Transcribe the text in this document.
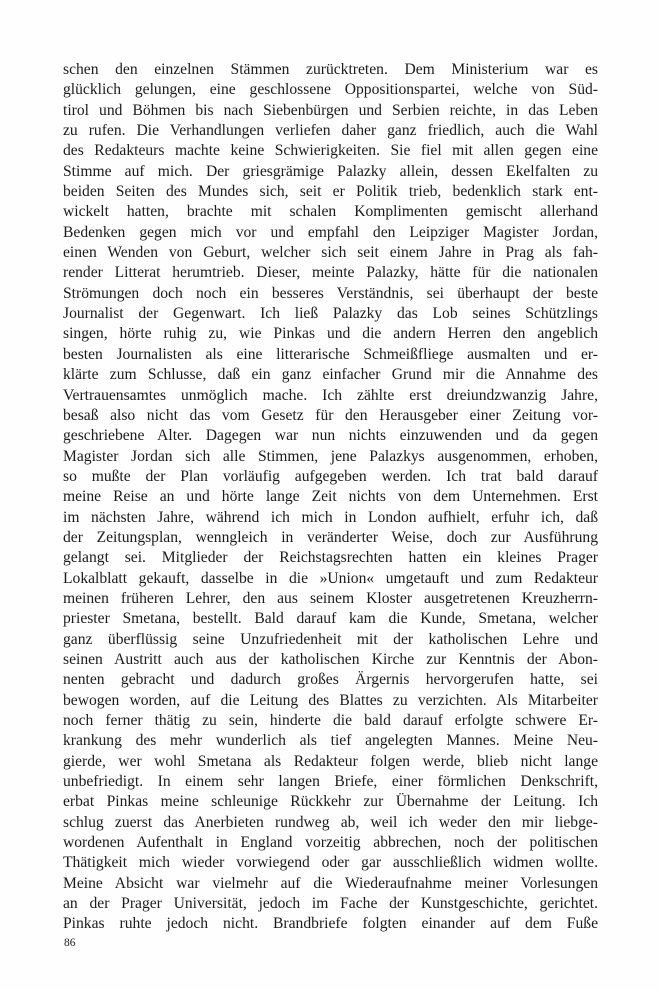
schen den einzelnen Stämmen zurücktreten. Dem Ministerium war es
glücklich gelungen, eine geschlossene Oppositionspartei, welche von Süd-
tirol und Böhmen bis nach Siebenbürgen und Serbien reichte, in das Leben
zu rufen. Die Verhandlungen verliefen daher ganz friedlich, auch die Wahl
des Redakteurs machte keine Schwierigkeiten. Sie fiel mit allen gegen eine
Stimme auf mich. Der griesgrämige Palazky allein, dessen Ekelfalten zu
beiden Seiten des Mundes sich, seit er Politik trieb, bedenklich stark ent-
wickelt hatten, brachte mit schalen Komplimenten gemischt allerhand
Bedenken gegen mich vor und empfahl den Leipziger Magister Jordan,
einen Wenden von Geburt, welcher sich seit einem Jahre in Prag als fah-
render Litterat herumtrieb. Dieser, meinte Palazky, hätte für die nationalen
Strömungen doch noch ein besseres Verständnis, sei überhaupt der beste
Journalist der Gegenwart. Ich ließ Palazky das Lob seines Schützlings
singen, hörte ruhig zu, wie Pinkas und die andern Herren den angeblich
besten Journalisten als eine litterarische Schmeißfliege ausmalten und er-
klärte zum Schlusse, daß ein ganz einfacher Grund mir die Annahme des
Vertrauensamtes unmöglich mache. Ich zählte erst dreiundzwanzig Jahre,
besaß also nicht das vom Gesetz für den Herausgeber einer Zeitung vor-
geschriebene Alter. Dagegen war nun nichts einzuwenden und da gegen
Magister Jordan sich alle Stimmen, jene Palazkys ausgenommen, erhoben,
so mußte der Plan vorläufig aufgegeben werden. Ich trat bald darauf
meine Reise an und hörte lange Zeit nichts von dem Unternehmen. Erst
im nächsten Jahre, während ich mich in London aufhielt, erfuhr ich, daß
der Zeitungsplan, wenngleich in veränderter Weise, doch zur Ausführung
gelangt sei. Mitglieder der Reichstagsrechten hatten ein kleines Prager
Lokalblatt gekauft, dasselbe in die »Union« umgetauft und zum Redakteur
meinen früheren Lehrer, den aus seinem Kloster ausgetretenen Kreuzherrn-
priester Smetana, bestellt. Bald darauf kam die Kunde, Smetana, welcher
ganz überflüssig seine Unzufriedenheit mit der katholischen Lehre und
seinen Austritt auch aus der katholischen Kirche zur Kenntnis der Abon-
nenten gebracht und dadurch großes Ärgernis hervorgerufen hatte, sei
bewogen worden, auf die Leitung des Blattes zu verzichten. Als Mitarbeiter
noch ferner thätig zu sein, hinderte die bald darauf erfolgte schwere Er-
krankung des mehr wunderlich als tief angelegten Mannes. Meine Neu-
gierde, wer wohl Smetana als Redakteur folgen werde, blieb nicht lange
unbefriedigt. In einem sehr langen Briefe, einer förmlichen Denkschrift,
erbat Pinkas meine schleunige Rückkehr zur Übernahme der Leitung. Ich
schlug zuerst das Anerbieten rundweg ab, weil ich weder den mir liebge-
wordenen Aufenthalt in England vorzeitig abbrechen, noch der politischen
Thätigkeit mich wieder vorwiegend oder gar ausschließlich widmen wollte.
Meine Absicht war vielmehr auf die Wiederaufnahme meiner Vorlesungen
an der Prager Universität, jedoch im Fache der Kunstgeschichte, gerichtet.
Pinkas ruhte jedoch nicht. Brandbriefe folgten einander auf dem Fuße
86
